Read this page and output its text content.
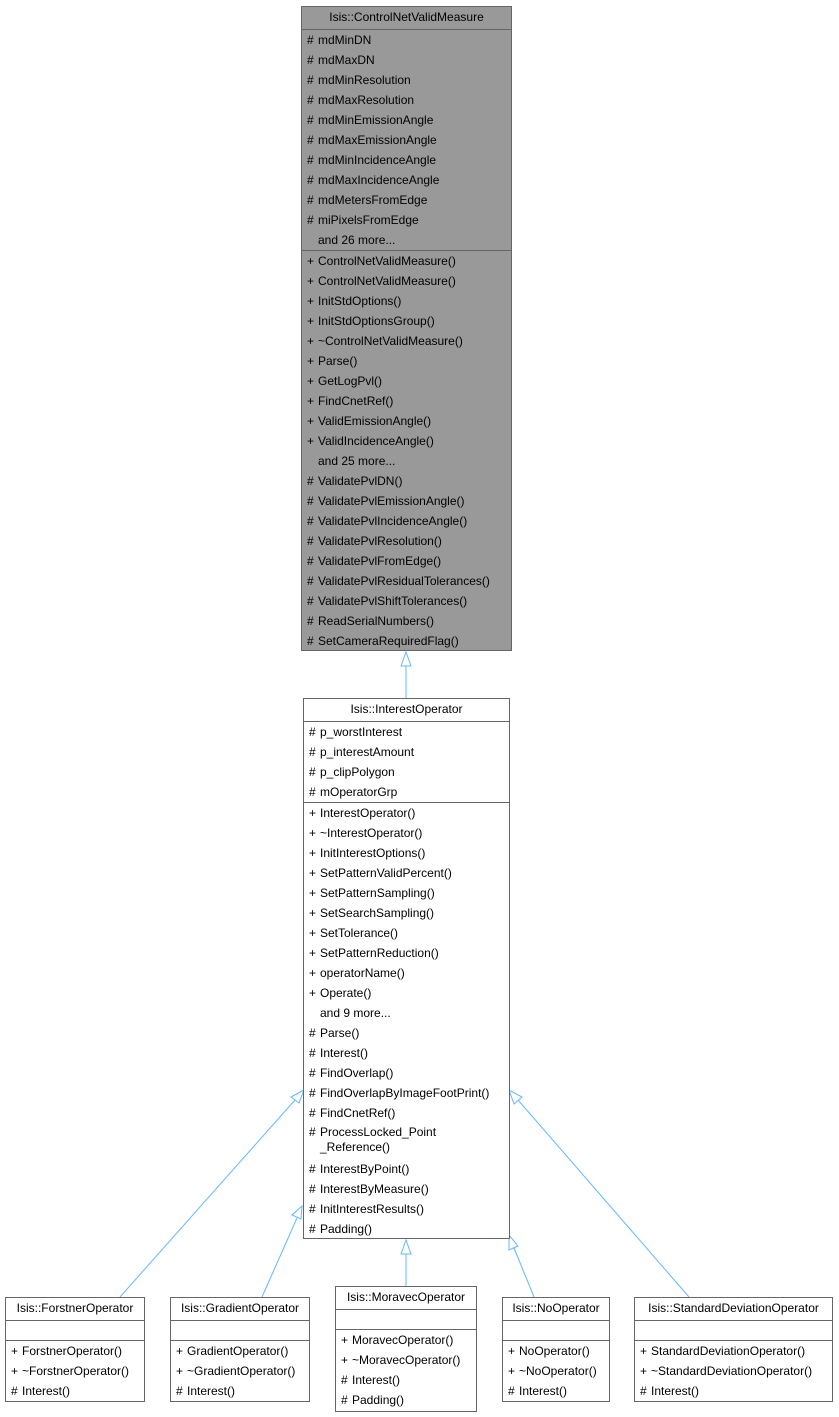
Isis::ControlNetValidMeasure
# mdMinDN
# mdMaxDN
# mdMinResolution
# mdMaxResolution
# mdMinEmissionAngle
# mdMaxEmissionAngle
# mdMinIncidenceAngle
# mdMaxIncidenceAngle
# mdMetersFromEdge
# miPixelsFromEdge
and 26 more...
+ ControlNetValidMeasure()
+ ControlNetValidMeasure()
+ InitStdOptions()
+ InitStdOptionsGroup()
+ ~ControlNetValidMeasure()
+ Parse()
+ GetLogPvl()
+ FindCnetRef()
+ ValidEmissionAngle()
+ ValidIncidenceAngle()
and 25 more...
# ValidatePvlDN()
# ValidatePvlEmissionAngle()
# ValidatePvlIncidenceAngle()
# ValidatePvlResolution()
# ValidatePvlFromEdge()
# ValidatePvlResidualTolerances()
# ValidatePvlShiftTolerances()
# ReadSerialNumbers()
# SetCameraRequiredFlag()
Isis::InterestOperator
# p_worstInterest
# p_interestAmount
# p_clipPolygon
# mOperatorGrp
+ InterestOperator()
+ ~InterestOperator()
+ InitInterestOptions()
+ SetPatternValidPercent()
+ SetPatternSampling()
+ SetSearchSampling()
+ SetTolerance()
+ SetPatternReduction()
+ operatorName()
+ Operate()
and 9 more...
# Parse()
# Interest()
# FindOverlap()
# FindOverlapByImageFootPrint()
# FindCnetRef()
# ProcessLocked_Point
_Reference()
# InterestByPoint()
# InterestByMeasure()
# InitInterestResults()
# Padding()
Isis::ForstnerOperator
+ ForstnerOperator()
+ ~ForstnerOperator()
# Interest()
Isis::GradientOperator
+ GradientOperator()
+ ~GradientOperator()
# Interest()
Isis::MoravecOperator
+ MoravecOperator()
+ ~MoravecOperator()
# Interest()
# Padding()
Isis::NoOperator
+ NoOperator()
+ ~NoOperator()
# Interest()
Isis::StandardDeviationOperator
+ StandardDeviationOperator()
+ ~StandardDeviationOperator()
# Interest()
